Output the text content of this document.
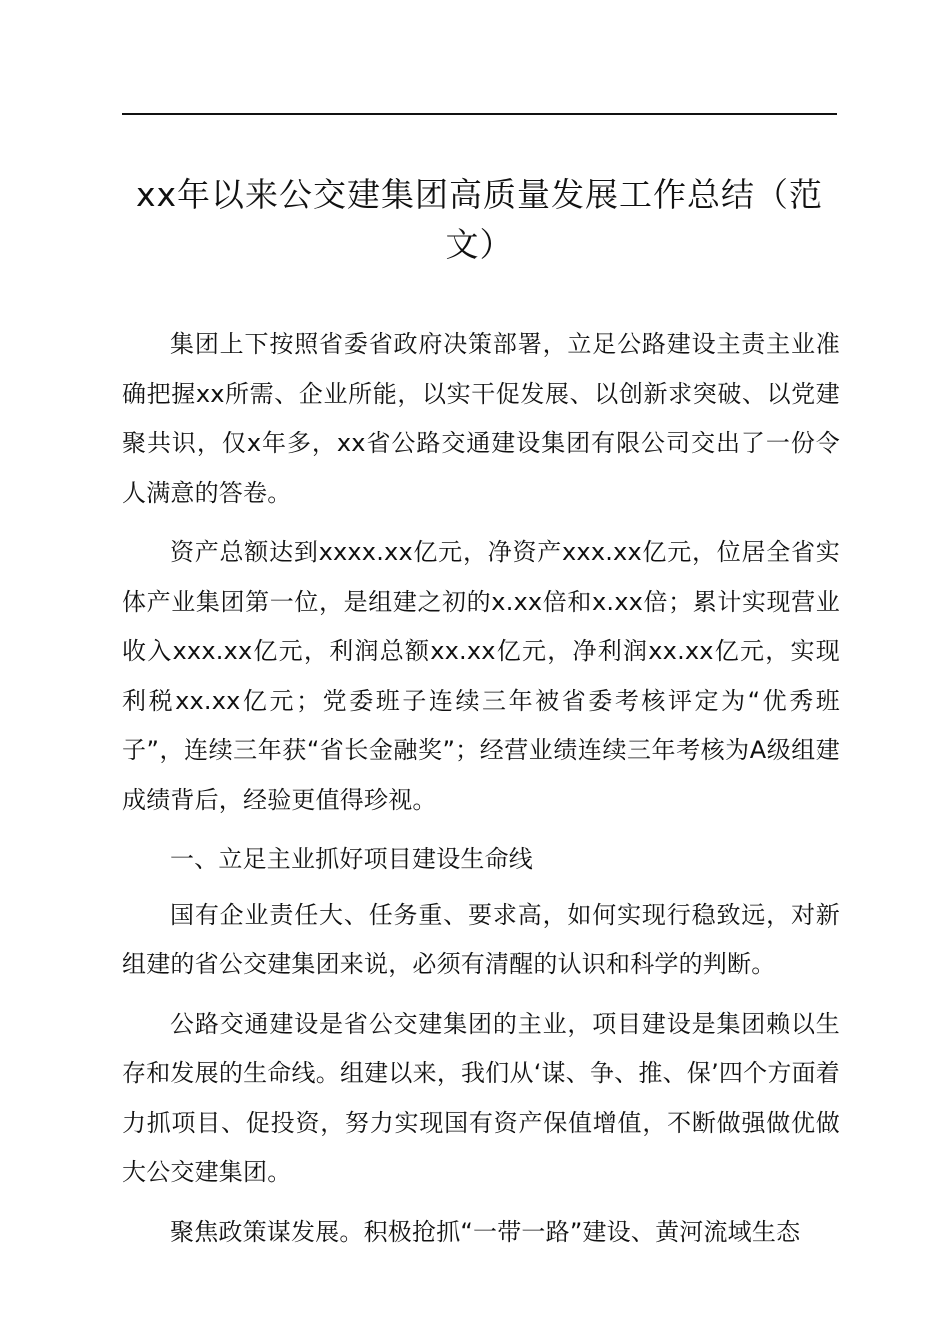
xx年以来公交建集团高质量发展工作总结（范文）

集团上下按照省委省政府决策部署，立足公路建设主责主业准确把握xx所需、企业所能，以实干促发展、以创新求突破、以党建聚共识，仅x年多，xx省公路交通建设集团有限公司交出了一份令人满意的答卷。

资产总额达到xxxx.xx亿元，净资产xxx.xx亿元，位居全省实体产业集团第一位，是组建之初的x.xx倍和x.xx倍；累计实现营业收入xxx.xx亿元，利润总额xx.xx亿元，净利润xx.xx亿元，实现利税xx.xx亿元；党委班子连续三年被省委考核评定为“优秀班子”，连续三年获“省长金融奖”；经营业绩连续三年考核为A级组建成绩背后，经验更值得珍视。

一、立足主业抓好项目建设生命线

国有企业责任大、任务重、要求高，如何实现行稳致远，对新组建的省公交建集团来说，必须有清醒的认识和科学的判断。

公路交通建设是省公交建集团的主业，项目建设是集团赖以生存和发展的生命线。组建以来，我们从‘谋、争、推、保’四个方面着力抓项目、促投资，努力实现国有资产保值增值，不断做强做优做大公交建集团。

聚焦政策谋发展。积极抢抓“一带一路”建设、黄河流域生态
